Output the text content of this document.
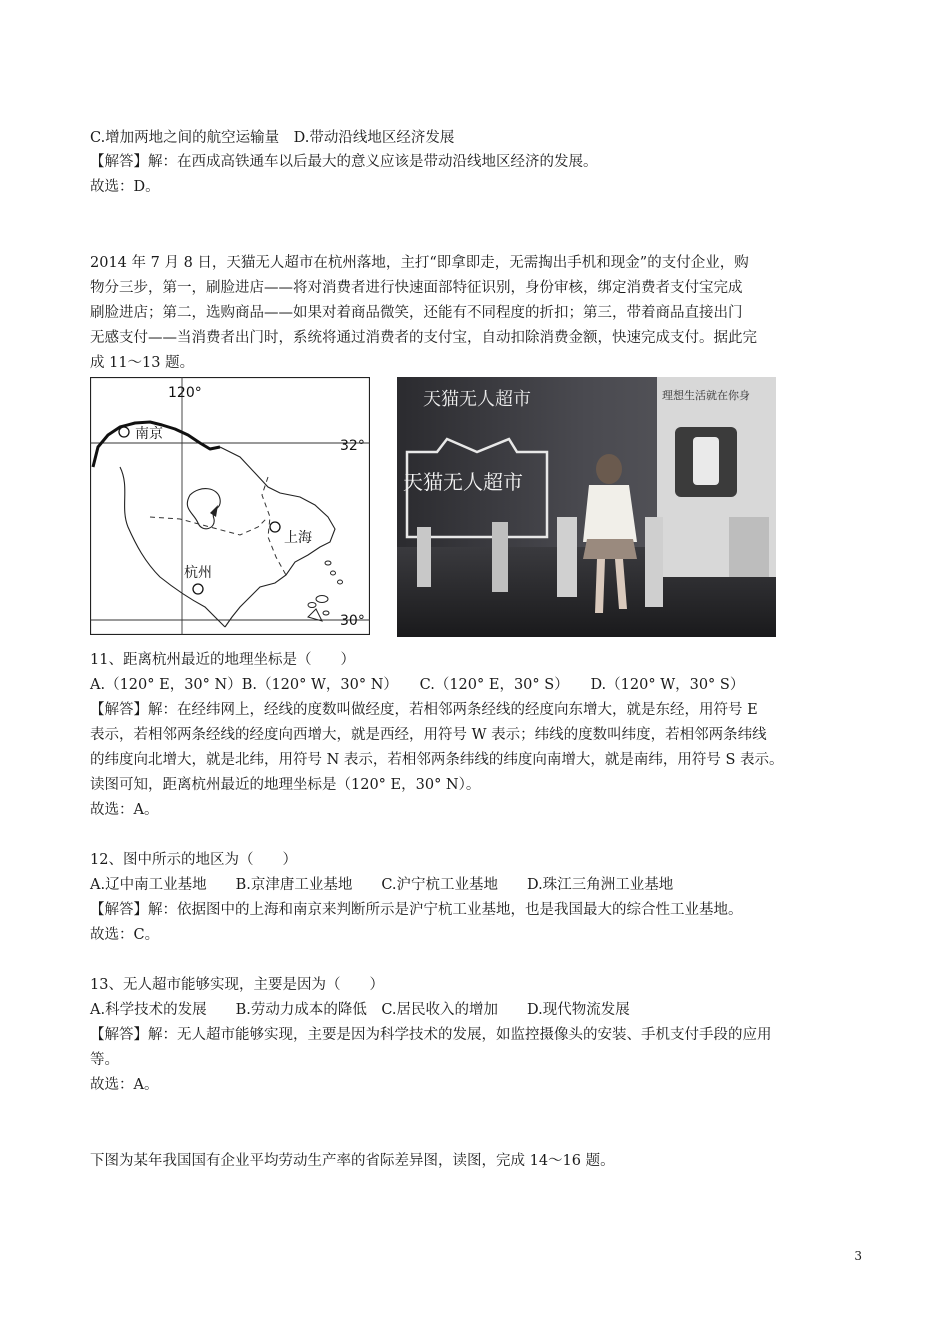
C.增加两地之间的航空运输量　D.带动沿线地区经济发展
【解答】解：在西成高铁通车以后最大的意义应该是带动沿线地区经济的发展。
故选：D。
2014 年 7 月 8 日，天猫无人超市在杭州落地，主打“即拿即走，无需掏出手机和现金”的支付企业，购
物分三步，第一，刷脸进店——将对消费者进行快速面部特征识别，身份审核，绑定消费者支付宝完成
刷脸进店；第二，选购商品——如果对着商品微笑，还能有不同程度的折扣；第三，带着商品直接出门
无感支付——当消费者出门时，系统将通过消费者的支付宝，自动扣除消费金额，快速完成支付。据此完
成 11～13 题。
120°
32°
30°
南京
上海
杭州
天猫无人超市
天猫无人超市
理想生活就在你身
11、距离杭州最近的地理坐标是（　　）
A.（120° E，30° N）B.（120° W，30° N）　　C.（120° E，30° S）　　D.（120° W，30° S）
【解答】解：在经纬网上，经线的度数叫做经度，若相邻两条经线的经度向东增大，就是东经，用符号 E
表示，若相邻两条经线的经度向西增大，就是西经，用符号 W 表示；纬线的度数叫纬度，若相邻两条纬线
的纬度向北增大，就是北纬，用符号 N 表示，若相邻两条纬线的纬度向南增大，就是南纬，用符号 S 表示。
读图可知，距离杭州最近的地理坐标是（120° E，30° N）。
故选：A。
12、图中所示的地区为（　　）
A.辽中南工业基地　　B.京津唐工业基地　　C.沪宁杭工业基地　　D.珠江三角洲工业基地
【解答】解：依据图中的上海和南京来判断所示是沪宁杭工业基地，也是我国最大的综合性工业基地。
故选：C。
13、无人超市能够实现，主要是因为（　　）
A.科学技术的发展　　B.劳动力成本的降低　C.居民收入的增加　　D.现代物流发展
【解答】解：无人超市能够实现，主要是因为科学技术的发展，如监控摄像头的安装、手机支付手段的应用
等。
故选：A。
下图为某年我国国有企业平均劳动生产率的省际差异图，读图，完成 14～16 题。
3
